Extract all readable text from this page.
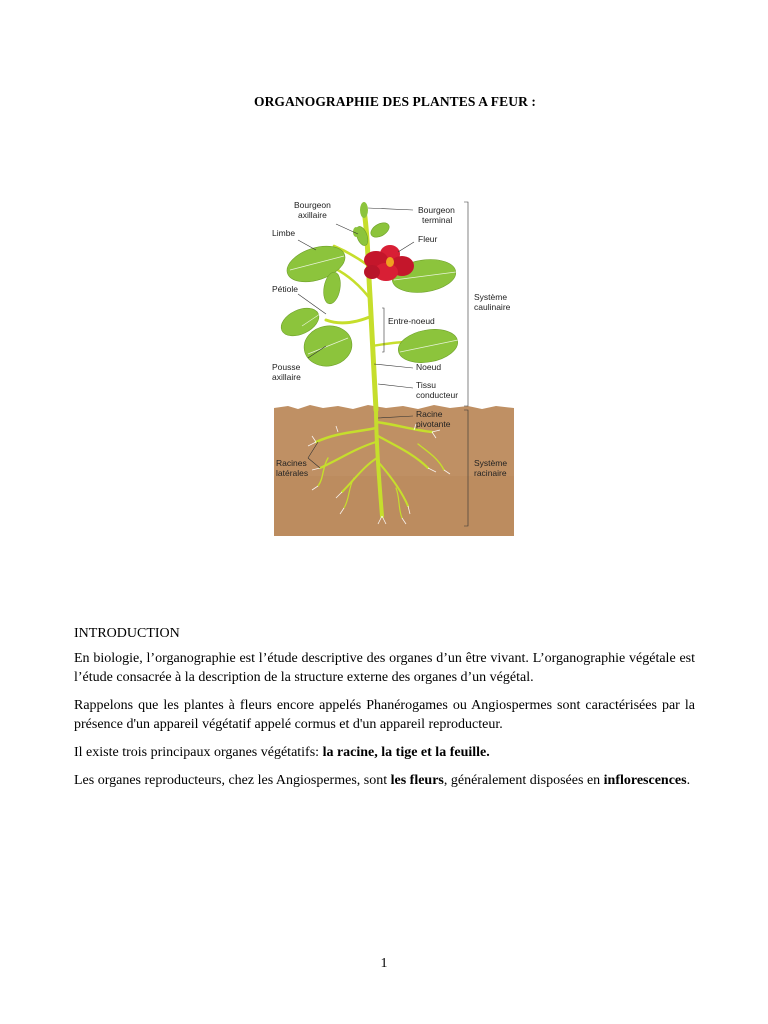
ORGANOGRAPHIE DES PLANTES A FEUR :
Bourgeon
axillaire
Limbe
Pétiole
Pousse
axillaire
Racines
latérales
Bourgeon
terminal
Fleur
Entre-noeud
Noeud
Tissu
conducteur
Racine
pivotante
Système
caulinaire
Système
racinaire

INTRODUCTION

En biologie, l’organographie est l’étude descriptive des organes d’un être vivant. L’organographie végétale est l’étude consacrée à la description de la structure externe des organes d’un végétal.

Rappelons que les plantes à fleurs encore appelés Phanérogames ou Angiospermes sont caractérisées par la présence d'un appareil végétatif appelé cormus et d'un appareil reproducteur.

Il existe trois principaux organes végétatifs: la racine, la tige et la feuille.

Les organes reproducteurs, chez les Angiospermes, sont les fleurs, généralement disposées en inflorescences.

1
